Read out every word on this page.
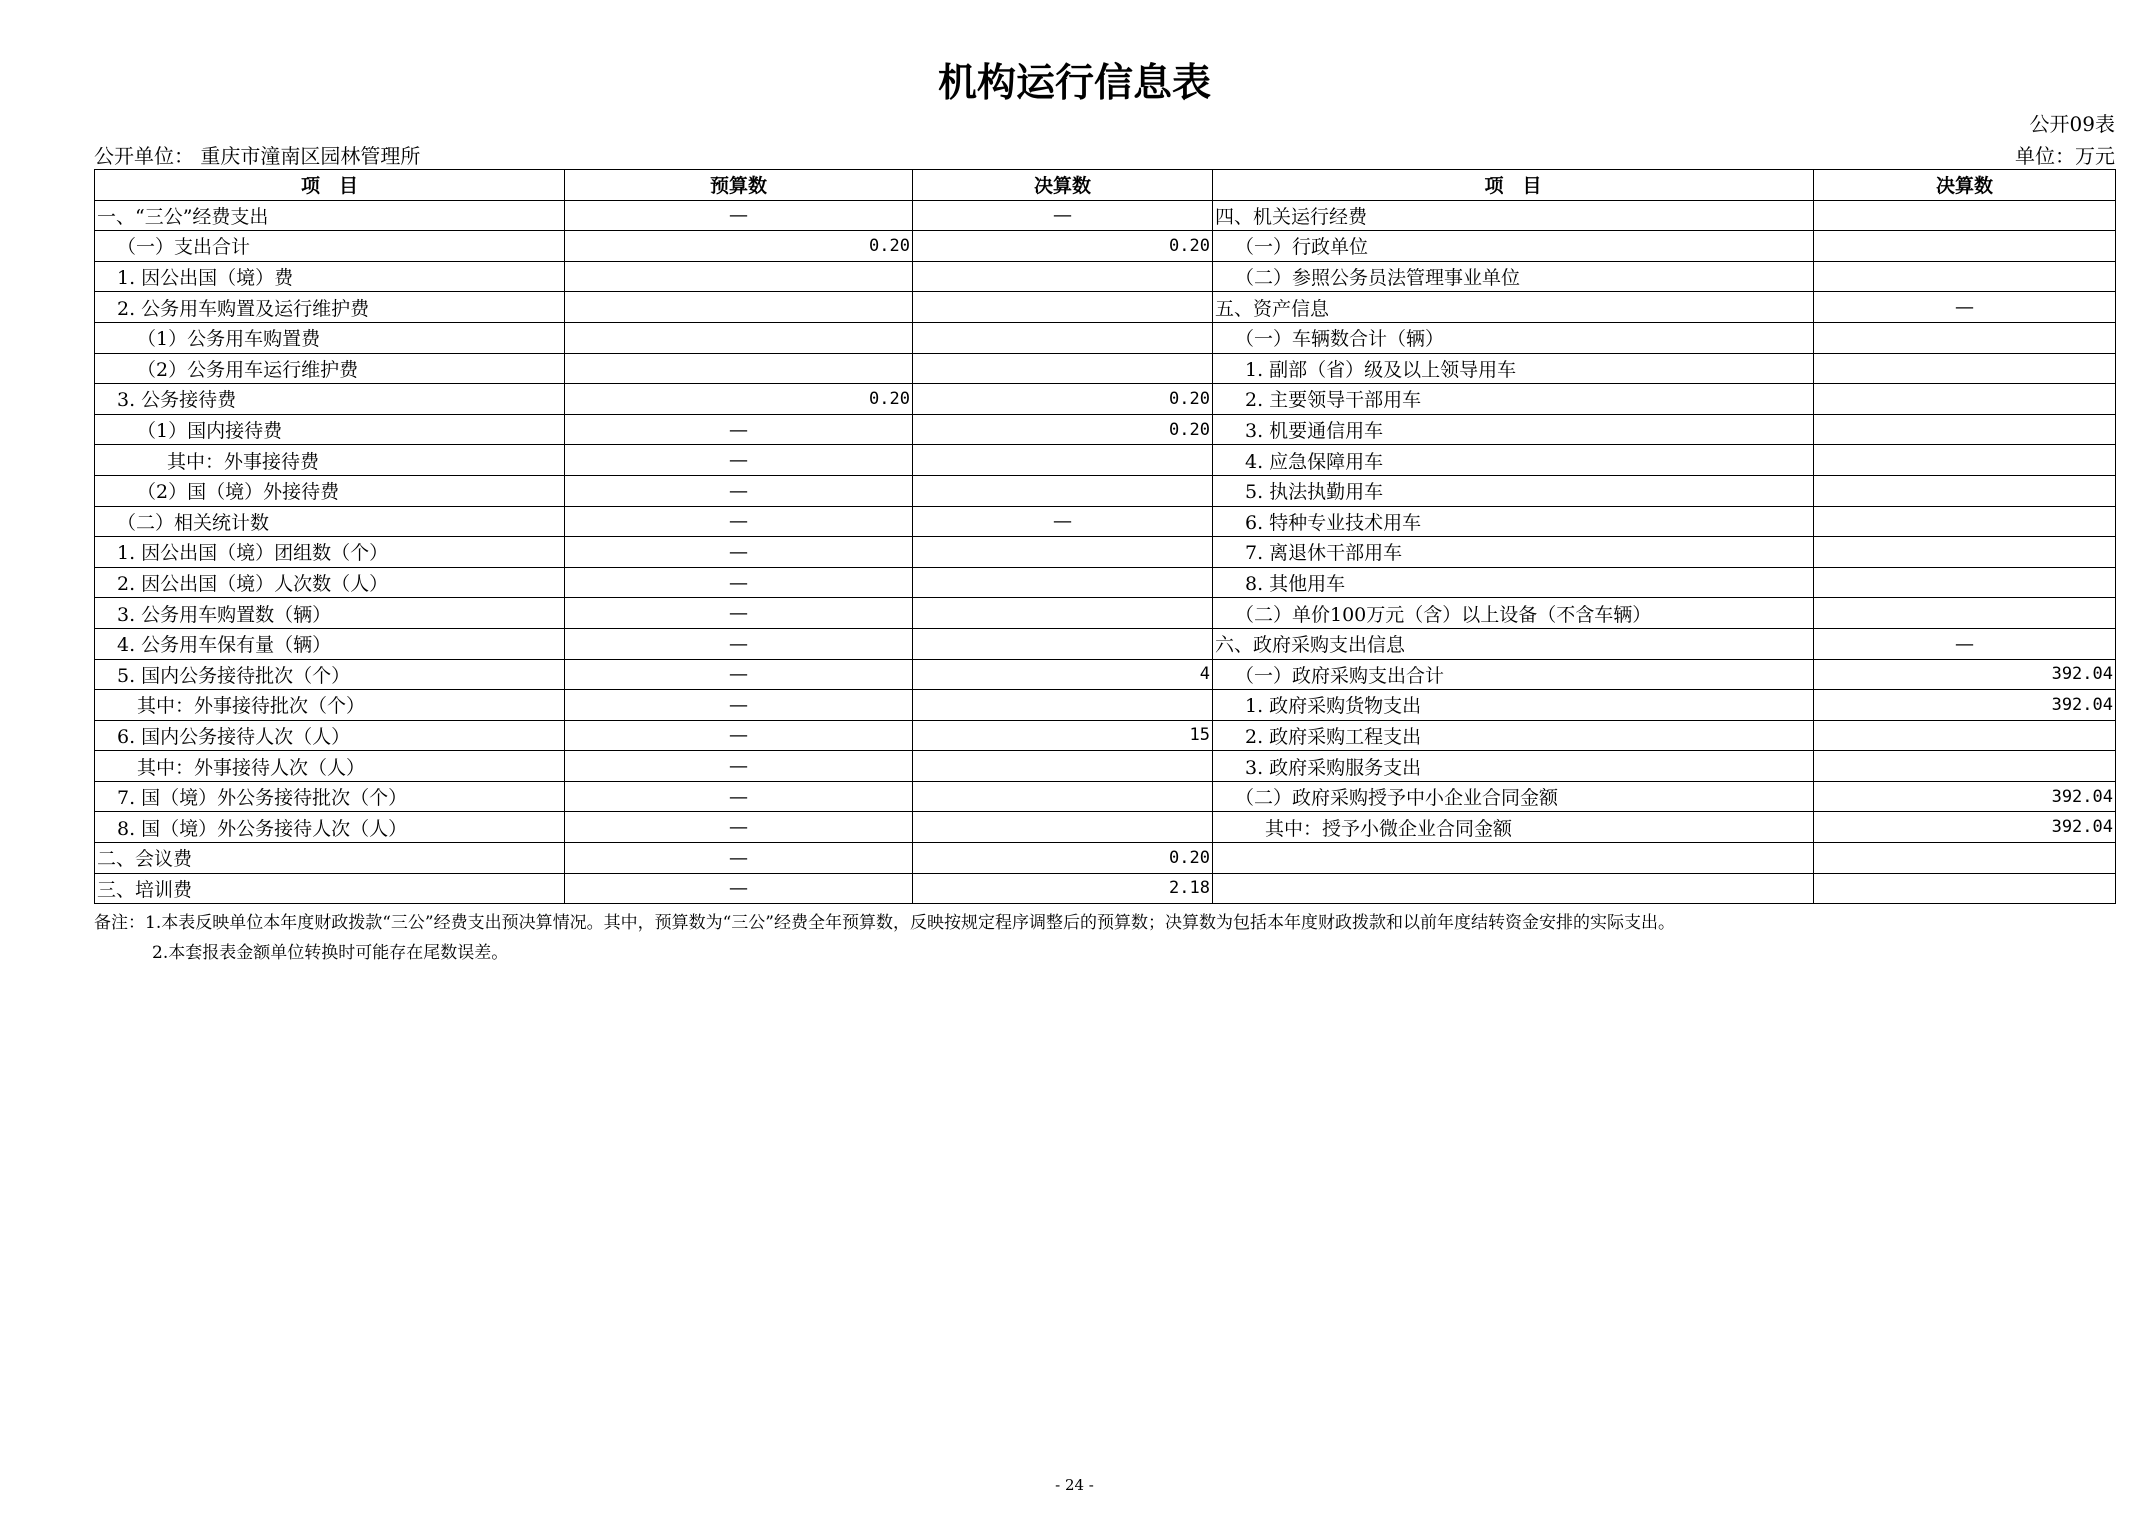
机构运行信息表
公开09表
公开单位： 重庆市潼南区园林管理所	单位：万元
项　目	预算数	决算数	项　目	决算数
一、“三公”经费支出	—	—	四、机关运行经费	
（一）支出合计	0.20	0.20	（一）行政单位	
1. 因公出国（境）费			（二）参照公务员法管理事业单位	
2. 公务用车购置及运行维护费			五、资产信息	—
（1）公务用车购置费			（一）车辆数合计（辆）	
（2）公务用车运行维护费			1. 副部（省）级及以上领导用车	
3. 公务接待费	0.20	0.20	2. 主要领导干部用车	
（1）国内接待费	—	0.20	3. 机要通信用车	
其中：外事接待费	—		4. 应急保障用车	
（2）国（境）外接待费	—		5. 执法执勤用车	
（二）相关统计数	—	—	6. 特种专业技术用车	
1. 因公出国（境）团组数（个）	—		7. 离退休干部用车	
2. 因公出国（境）人次数（人）	—		8. 其他用车	
3. 公务用车购置数（辆）	—		（二）单价100万元（含）以上设备（不含车辆）	
4. 公务用车保有量（辆）	—		六、政府采购支出信息	—
5. 国内公务接待批次（个）	—	4	（一）政府采购支出合计	392.04
其中：外事接待批次（个）	—		1. 政府采购货物支出	392.04
6. 国内公务接待人次（人）	—	15	2. 政府采购工程支出	
其中：外事接待人次（人）	—		3. 政府采购服务支出	
7. 国（境）外公务接待批次（个）	—		（二）政府采购授予中小企业合同金额	392.04
8. 国（境）外公务接待人次（人）	—		其中：授予小微企业合同金额	392.04
二、会议费	—	0.20		
三、培训费	—	2.18		
备注：1.本表反映单位本年度财政拨款“三公”经费支出预决算情况。其中，预算数为“三公”经费全年预算数，反映按规定程序调整后的预算数；决算数为包括本年度财政拨款和以前年度结转资金安排的实际支出。
2.本套报表金额单位转换时可能存在尾数误差。
- 24 -
